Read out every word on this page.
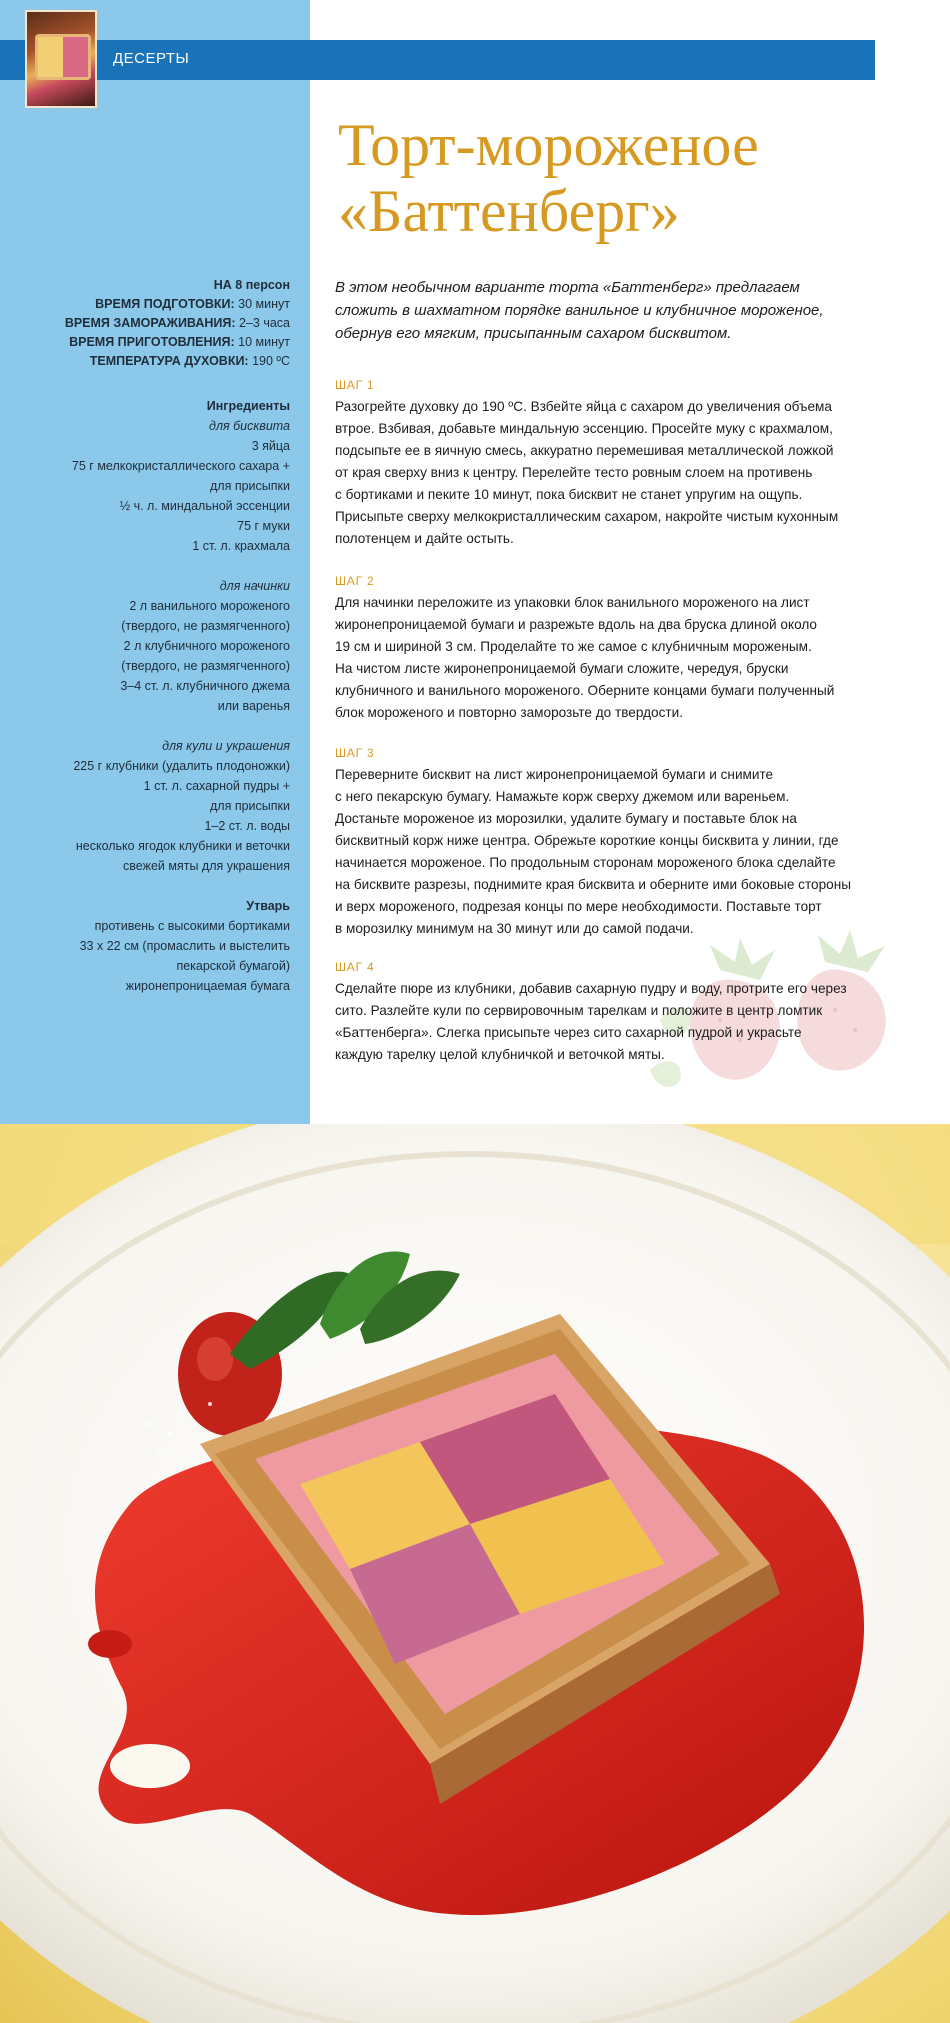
ДЕСЕРТЫ
Торт-мороженое
«Баттенберг»
НА 8 персон
ВРЕМЯ ПОДГОТОВКИ: 30 минут
ВРЕМЯ ЗАМОРАЖИВАНИЯ: 2–3 часа
ВРЕМЯ ПРИГОТОВЛЕНИЯ: 10 минут
ТЕМПЕРАТУРА ДУХОВКИ: 190 ºС
Ингредиенты
для бисквита
3 яйца
75 г мелкокристаллического сахара +
для присыпки
½ ч. л. миндальной эссенции
75 г муки
1 ст. л. крахмала
для начинки
2 л ванильного мороженого
(твердого, не размягченного)
2 л клубничного мороженого
(твердого, не размягченного)
3–4 ст. л. клубничного джема
или варенья
для кули и украшения
225 г клубники (удалить плодоножки)
1 ст. л. сахарной пудры +
для присыпки
1–2 ст. л. воды
несколько ягодок клубники и веточки
свежей мяты для украшения
Утварь
противень с высокими бортиками
33 х 22 см (промаслить и выстелить
пекарской бумагой)
жиронепроницаемая бумага
В этом необычном варианте торта «Баттенберг» предлагаем
сложить в шахматном порядке ванильное и клубничное мороженое,
обернув его мягким, присыпанным сахаром бисквитом.
ШАГ 1
Разогрейте духовку до 190 ºС. Взбейте яйца с сахаром до увеличения объема
втрое. Взбивая, добавьте миндальную эссенцию. Просейте муку с крахмалом,
подсыпьте ее в яичную смесь, аккуратно перемешивая металлической ложкой
от края сверху вниз к центру. Перелейте тесто ровным слоем на противень
с бортиками и пеките 10 минут, пока бисквит не станет упругим на ощупь.
Присыпьте сверху мелкокристаллическим сахаром, накройте чистым кухонным
полотенцем и дайте остыть.
ШАГ 2
Для начинки переложите из упаковки блок ванильного мороженого на лист
жиронепроницаемой бумаги и разрежьте вдоль на два бруска длиной около
19 см и шириной 3 см. Проделайте то же самое с клубничным мороженым.
На чистом листе жиронепроницаемой бумаги сложите, чередуя, бруски
клубничного и ванильного мороженого. Оберните концами бумаги полученный
блок мороженого и повторно заморозьте до твердости.
ШАГ 3
Переверните бисквит на лист жиронепроницаемой бумаги и снимите
с него пекарскую бумагу. Намажьте корж сверху джемом или вареньем.
Достаньте мороженое из морозилки, удалите бумагу и поставьте блок на
бисквитный корж ниже центра. Обрежьте короткие концы бисквита у линии, где
начинается мороженое. По продольным сторонам мороженого блока сделайте
на бисквите разрезы, поднимите края бисквита и оберните ими боковые стороны
и верх мороженого, подрезая концы по мере необходимости. Поставьте торт
в морозилку минимум на 30 минут или до самой подачи.
ШАГ 4
Сделайте пюре из клубники, добавив сахарную пудру и воду, протрите его через
сито. Разлейте кули по сервировочным тарелкам и положите в центр ломтик
«Баттенберга». Слегка присыпьте через сито сахарной пудрой и украсьте
каждую тарелку целой клубничкой и веточкой мяты.
